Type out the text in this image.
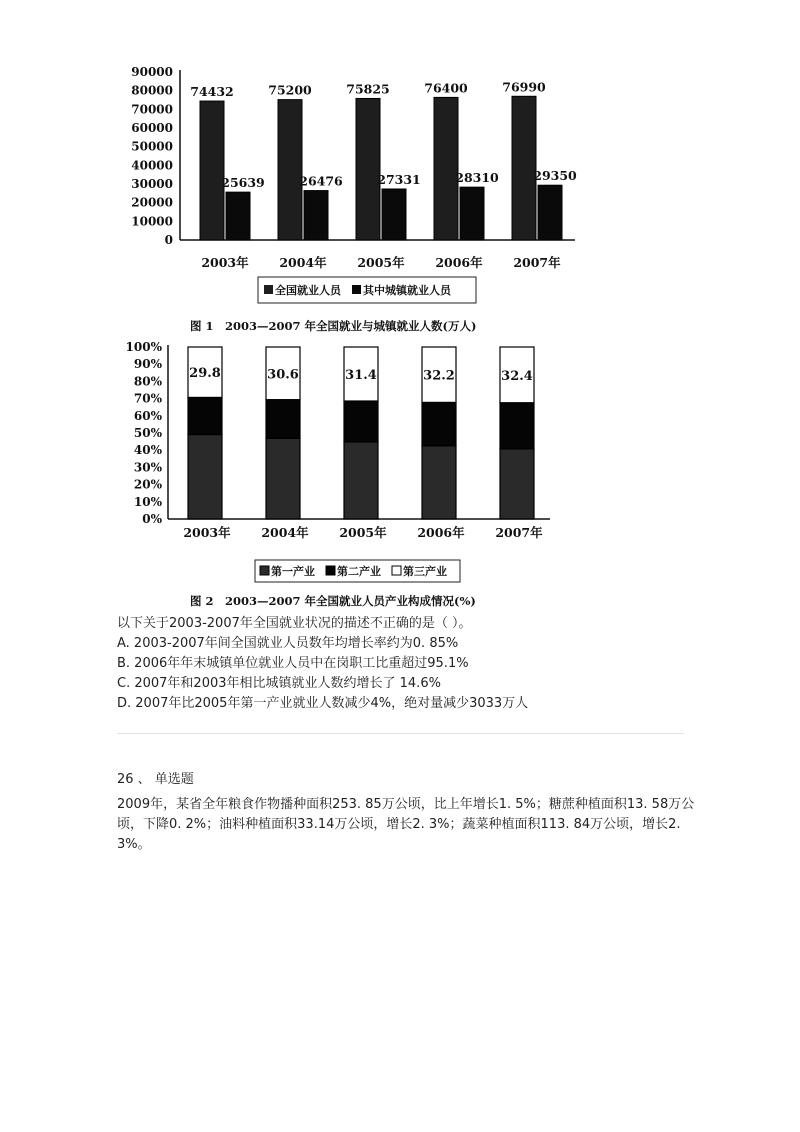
90000
80000
70000
60000
50000
40000
30000
20000
10000
0
74432
25639
2003年
75200
26476
2004年
75825
27331
2005年
76400
28310
2006年
76990
29350
2007年
全国就业人员 其中城镇就业人员
图 1　2003—2007 年全国就业与城镇就业人数(万人)
100%
90%
80%
70%
60%
50%
40%
30%
20%
10%
0%
29.8
2003年
30.6
2004年
31.4
2005年
32.2
2006年
32.4
2007年
第一产业 第二产业 第三产业
图 2　2003—2007 年全国就业人员产业构成情况(%)
以下关于2003-2007年全国就业状况的描述不正确的是（ ）。
A. 2003-2007年间全国就业人员数年均增长率约为0. 85%
B. 2006年年末城镇单位就业人员中在岗职工比重超过95.1%
C. 2007年和2003年相比城镇就业人数约增长了 14.6%
D. 2007年比2005年第一产业就业人数减少4%，绝对量减少3033万人
26 、 单选题
2009年，某省全年粮食作物播种面积253. 85万公顷，比上年增长1. 5%；糖蔗种植面积13. 58万公顷，下降0. 2%；油料种植面积33.14万公顷，增长2. 3%；蔬菜种植面积113. 84万公顷，增长2. 3%。
